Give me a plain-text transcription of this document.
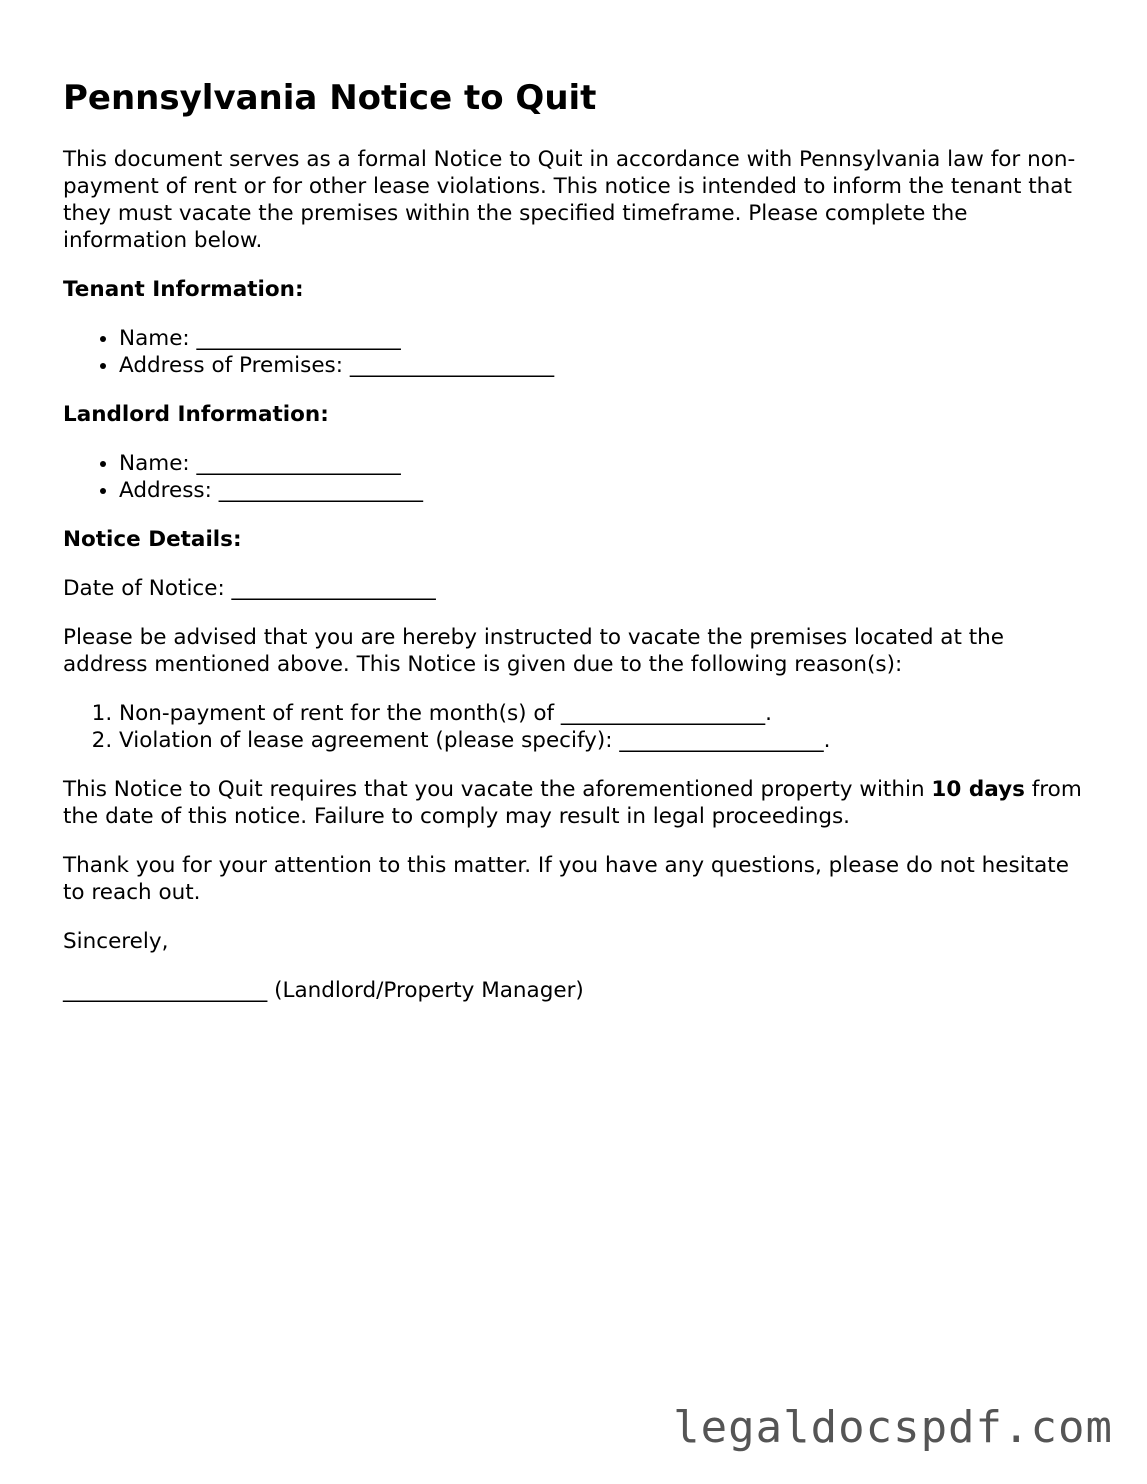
Pennsylvania Notice to Quit

This document serves as a formal Notice to Quit in accordance with Pennsylvania law for non-payment of rent or for other lease violations. This notice is intended to inform the tenant that they must vacate the premises within the specified timeframe. Please complete the information below.

Tenant Information:
• Name: ___________________
• Address of Premises: ___________________
Landlord Information:
• Name: ___________________
• Address: ___________________
Notice Details:

Date of Notice: ___________________

Please be advised that you are hereby instructed to vacate the premises located at the address mentioned above. This Notice is given due to the following reason(s):

1. Non-payment of rent for the month(s) of ___________________.
2. Violation of lease agreement (please specify): ___________________.

This Notice to Quit requires that you vacate the aforementioned property within 10 days from the date of this notice. Failure to comply may result in legal proceedings.

Thank you for your attention to this matter. If you have any questions, please do not hesitate to reach out.

Sincerely,

___________________ (Landlord/Property Manager)

legaldocspdf.com
